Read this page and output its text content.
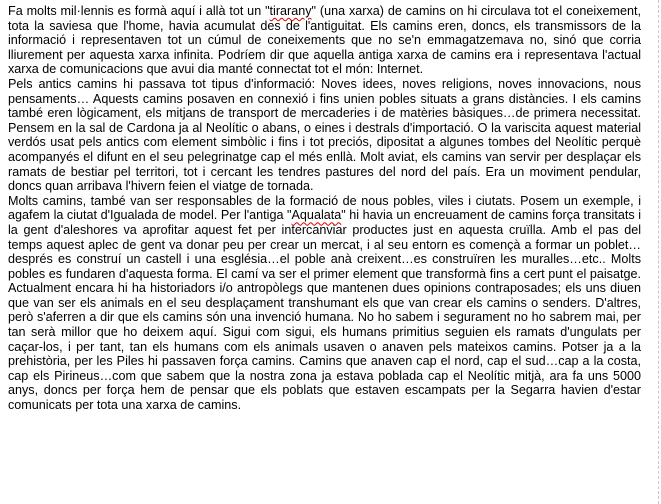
Fa molts mil·lennis es formà aquí i allà tot un "tirarany" (una xarxa) de camins on hi circulava tot el coneixement, tota la saviesa que l'home, havia acumulat des de l'antiguitat. Els camins eren, doncs, els transmissors de la informació i representaven tot un cúmul de coneixements que no se'n emmagatzemava no, sinó que corria lliurement per aquesta xarxa infinita. Podríem dir que aquella antiga xarxa de camins era i representava l'actual xarxa de comunicacions que avui dia manté connectat tot el món: Internet.

Pels antics camins hi passava tot tipus d'informació: Noves idees, noves religions, noves innovacions, nous pensaments… Aquests camins posaven en connexió i fins unien pobles situats a grans distàncies. I els camins també eren lògicament, els mitjans de transport de mercaderies i de matèries bàsiques…de primera necessitat. Pensem en la sal de Cardona ja al Neolític o abans, o eines i destrals d'importació. O la variscita aquest material verdós usat pels antics com element simbòlic i fins i tot preciós, dipositat a algunes tombes del Neolític perquè acompanyés el difunt en el seu pelegrinatge cap el més enllà. Molt aviat, els camins van servir per desplaçar els ramats de bestiar pel territori, tot i cercant les tendres pastures del nord del país. Era un moviment pendular, doncs quan arribava l'hivern feien el viatge de tornada.

Molts camins, també van ser responsables de la formació de nous pobles, viles i ciutats. Posem un exemple, i agafem la ciutat d'Igualada de model. Per l'antiga "Aqualata" hi havia un encreuament de camins força transitats i la gent d'aleshores va aprofitar aquest fet per intercanviar productes just en aquesta cruïlla. Amb el pas del temps aquest aplec de gent va donar peu per crear un mercat, i al seu entorn es començà a formar un poblet…després es construí un castell i una església…el poble anà creixent…es construïren les muralles…etc.. Molts pobles es fundaren d'aquesta forma. El camí va ser el primer element que transformà fins a cert punt el paisatge. Actualment encara hi ha historiadors i/o antropòlegs que mantenen dues opinions contraposades; els uns diuen que van ser els animals en el seu desplaçament transhumant els que van crear els camins o senders. D'altres, però s'aferren a dir que els camins són una invenció humana. No ho sabem i segurament no ho sabrem mai, per tan serà millor que ho deixem aquí. Sigui com sigui, els humans primitius seguien els ramats d'ungulats per caçar-los, i per tant, tan els humans com els animals usaven o anaven pels mateixos camins. Potser ja a la prehistòria, per les Piles hi passaven força camins. Camins que anaven cap el nord, cap el sud…cap a la costa, cap els Pirineus…com que sabem que la nostra zona ja estava poblada cap el Neolític mitjà, ara fa uns 5000 anys, doncs per força hem de pensar que els poblats que estaven escampats per la Segarra havien d'estar comunicats per tota una xarxa de camins.
